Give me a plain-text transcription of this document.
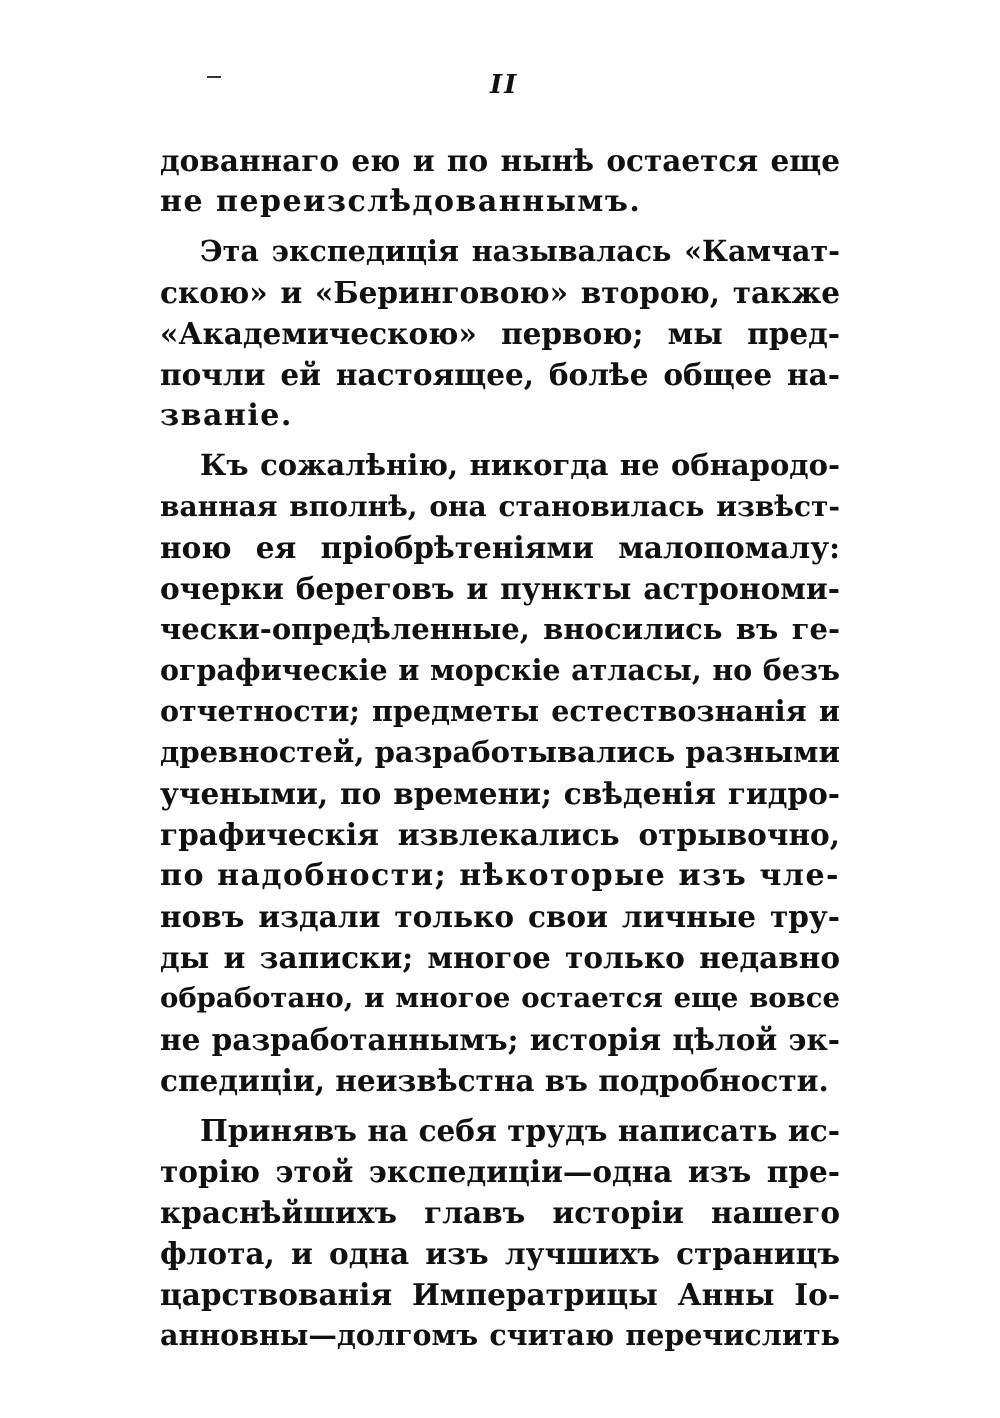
II
дованнаго ею и по нынѣ остается еще
не переизслѣдованнымъ.
Эта экспедиція называлась «Камчат-
скою» и «Беринговою» второю, также
«Академическою» первою; мы пред-
почли ей настоящее, болѣе общее на-
званіе.
Къ сожалѣнію, никогда не обнародо-
ванная вполнѣ, она становилась извѣст-
ною ея пріобрѣтеніями малопомалу:
очерки береговъ и пункты астрономи-
чески-опредѣленные, вносились въ ге-
ографическіе и морскіе атласы, но безъ
отчетности; предметы естествознанія и
древностей, разработывались разными
учеными, по времени; свѣденія гидро-
графическія извлекались отрывочно,
по надобности; нѣкоторые изъ чле-
новъ издали только свои личные тру-
ды и записки; многое только недавно
обработано, и многое остается еще вовсе
не разработаннымъ; исторія цѣлой эк-
спедиціи, неизвѣстна въ подробности.
Принявъ на себя трудъ написать ис-
торію этой экспедиціи—одна изъ пре-
краснѣйшихъ главъ исторіи нашего
флота, и одна изъ лучшихъ страницъ
царствованія Императрицы Анны Іо-
анновны—долгомъ считаю перечислить
